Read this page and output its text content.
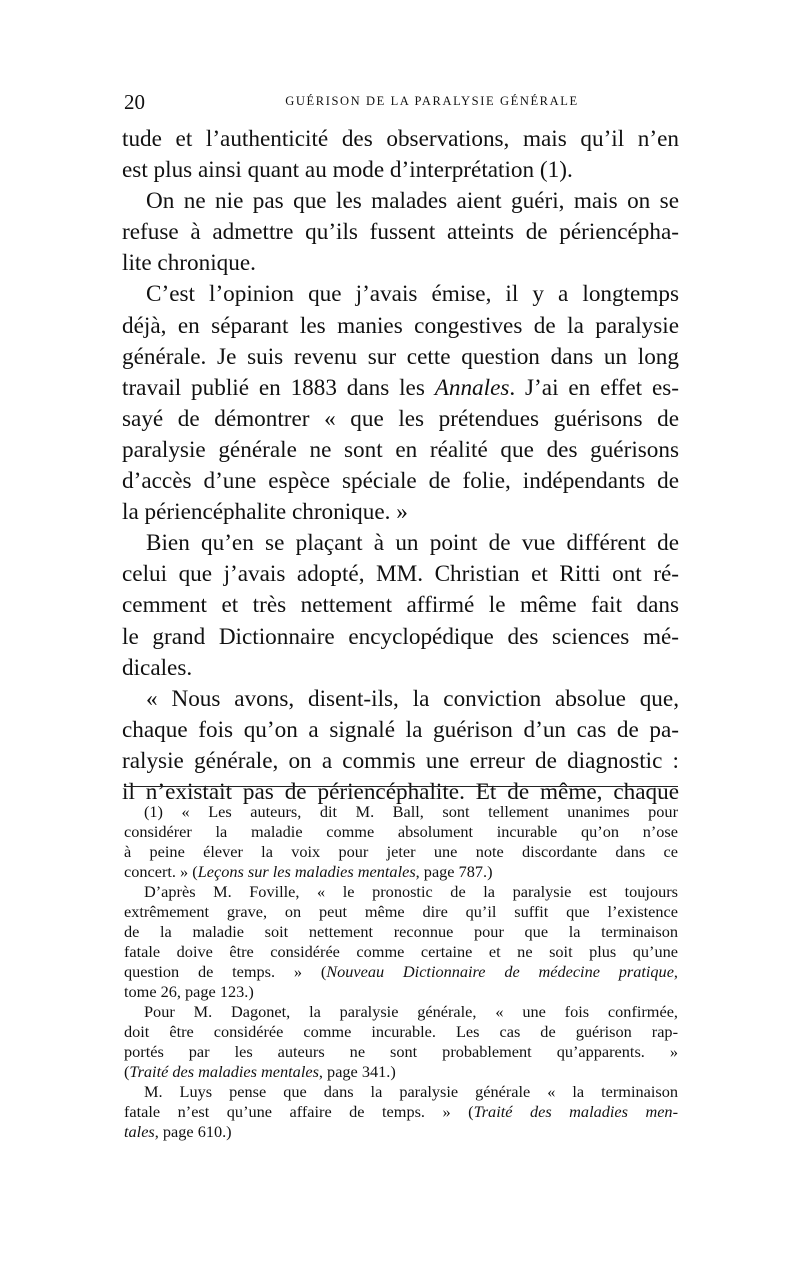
20	GUÉRISON DE LA PARALYSIE GÉNÉRALE
tude et l’authenticité des observations, mais qu’il n’en
est plus ainsi quant au mode d’interprétation (1).
On ne nie pas que les malades aient guéri, mais on se
refuse à admettre qu’ils fussent atteints de périencépha-
lite chronique.
C’est l’opinion que j’avais émise, il y a longtemps
déjà, en séparant les manies congestives de la paralysie
générale. Je suis revenu sur cette question dans un long
travail publié en 1883 dans les Annales. J’ai en effet es-
sayé de démontrer « que les prétendues guérisons de
paralysie générale ne sont en réalité que des guérisons
d’accès d’une espèce spéciale de folie, indépendants de
la périencéphalite chronique. »
Bien qu’en se plaçant à un point de vue différent de
celui que j’avais adopté, MM. Christian et Ritti ont ré-
cemment et très nettement affirmé le même fait dans
le grand Dictionnaire encyclopédique des sciences mé-
dicales.
« Nous avons, disent-ils, la conviction absolue que,
chaque fois qu’on a signalé la guérison d’un cas de pa-
ralysie générale, on a commis une erreur de diagnostic :
il n’existait pas de périencéphalite. Et de même, chaque
(1) « Les auteurs, dit M. Ball, sont tellement unanimes pour
considérer la maladie comme absolument incurable qu’on n’ose
à peine élever la voix pour jeter une note discordante dans ce
concert. » (Leçons sur les maladies mentales, page 787.)
D’après M. Foville, « le pronostic de la paralysie est toujours
extrêmement grave, on peut même dire qu’il suffit que l’existence
de la maladie soit nettement reconnue pour que la terminaison
fatale doive être considérée comme certaine et ne soit plus qu’une
question de temps. » (Nouveau Dictionnaire de médecine pratique,
tome 26, page 123.)
Pour M. Dagonet, la paralysie générale, « une fois confirmée,
doit être considérée comme incurable. Les cas de guérison rap-
portés par les auteurs ne sont probablement qu’apparents. »
(Traité des maladies mentales, page 341.)
M. Luys pense que dans la paralysie générale « la terminaison
fatale n’est qu’une affaire de temps. » (Traité des maladies men-
tales, page 610.)
